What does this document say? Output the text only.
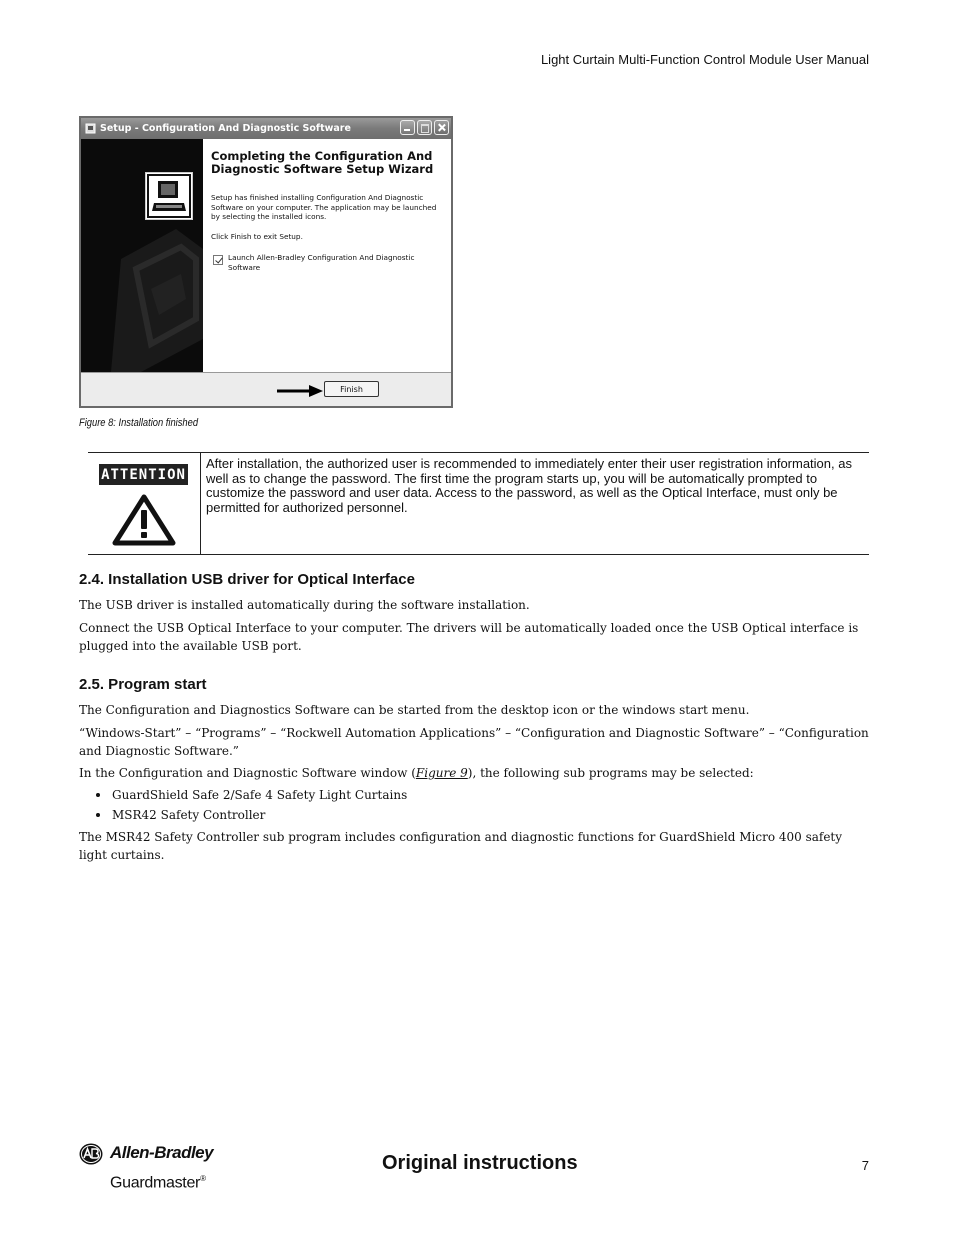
Light Curtain Multi-Function Control Module User Manual
Setup - Configuration And Diagnostic Software
Completing the Configuration And Diagnostic Software Setup Wizard
Setup has finished installing Configuration And Diagnostic Software on your computer. The application may be launched by selecting the installed icons.
Click Finish to exit Setup.
Launch Allen-Bradley Configuration And Diagnostic Software
Finish
Figure 8: Installation finished
ATTENTION
After installation, the authorized user is recommended to immediately enter their user registration information, as well as to change the password. The first time the program starts up, you will be automatically prompted to customize the password and user data. Access to the password, as well as the Optical Interface, must only be permitted for authorized personnel.
2.4. Installation USB driver for Optical Interface

The USB driver is installed automatically during the software installation.

Connect the USB Optical Interface to your computer. The drivers will be automatically loaded once the USB Optical interface is plugged into the available USB port.

2.5. Program start

The Configuration and Diagnostics Software can be started from the desktop icon or the windows start menu.

“Windows-Start” – “Programs” – “Rockwell Automation Applications” – “Configuration and Diagnostic Software” – “Configuration and Diagnostic Software.”

In the Configuration and Diagnostic Software window (Figure 9), the following sub programs may be selected:

GuardShield Safe 2/Safe 4 Safety Light Curtains
MSR42 Safety Controller

The MSR42 Safety Controller sub program includes configuration and diagnostic functions for GuardShield Micro 400 safety light curtains.

Allen-Bradley
Guardmaster®
Original instructions	7
